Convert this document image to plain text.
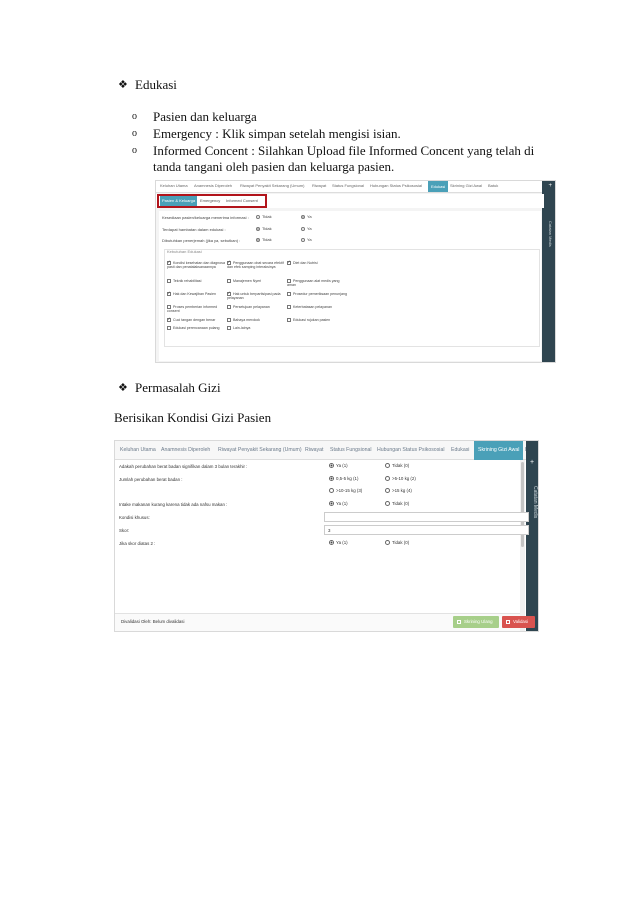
❖ Edukasi
o Pasien dan keluarga
o Emergency : Klik simpan setelah mengisi isian.
o Informed Concent : Silahkan Upload file Informed Concent yang telah di
tanda tangani oleh pasien dan keluarga pasien.
Keluhan Utama Anamnesis Diperoleh Riwayat Penyakit Sekarang (Umum) Riwayat Status Fungsional Hubungan Status Psikososial	Edukasi	Skrining Gizi Awal Batuk	+
Catatan Medis
Pasien & Keluarga	Emergency Informed Consent
Kesediaan pasien/keluarga menerima informasi :	Tidak	Ya
Terdapat hambatan dalam edukasi :	Tidak	Ya
Dibutuhkan penerjemah (jika ya, sebutkan) :	Tidak	Ya
Kebutuhan Edukasi
✓Kondisi kesehatan dan diagnosa pasti dan penatalaksanaannya
✓Penggunaan obat secara efektif dan efek samping interaksinya
✓Diet dan Nutrisi
Teknik rehabilitasi	Manajemen Nyeri	Penggunaan alat medis yang aman
✓Hak dan Kewajiban Pasien
✓	Hak untuk berpartisipasi pada pelayanan
Prosedur pemeriksaan penunjang
Proses pemberian informed consent
Persetujuan pelayanan	Keterbatasan pelayanan
✓Cuci tangan dengan benar	Bahaya merokok	Edukasi rujukan pasien
Edukasi perencanaan pulang	Lain-lainya
❖ Permasalah Gizi
Berisikan Kondisi Gizi Pasien
Keluhan Utama Anamnesis Diperoleh Riwayat Penyakit Sekarang (Umum) Riwayat Status Fungsional Hubungan Status Psikososial Edukasi	Skrining Gizi Awal
+
Catatan Medis
Adakah perubahan berat badan signifikan dalam 3 bulan terakhir :	Ya (1)	Tidak (0)
Jumlah perubahan berat badan :	0,5-5 kg (1)	>5-10 kg (2)
>10-15 kg (3)	>15 kg (4)
Intake makanan kurang karena tidak ada nafsu makan :	Ya (1)	Tidak (0)
Kondisi khusus:
Skor:	3
Jika skor diatas 2 :	Ya (1)	Tidak (0)
Divalidasi Oleh: Belum divalidasi	Skrining Ulang	Validasi
